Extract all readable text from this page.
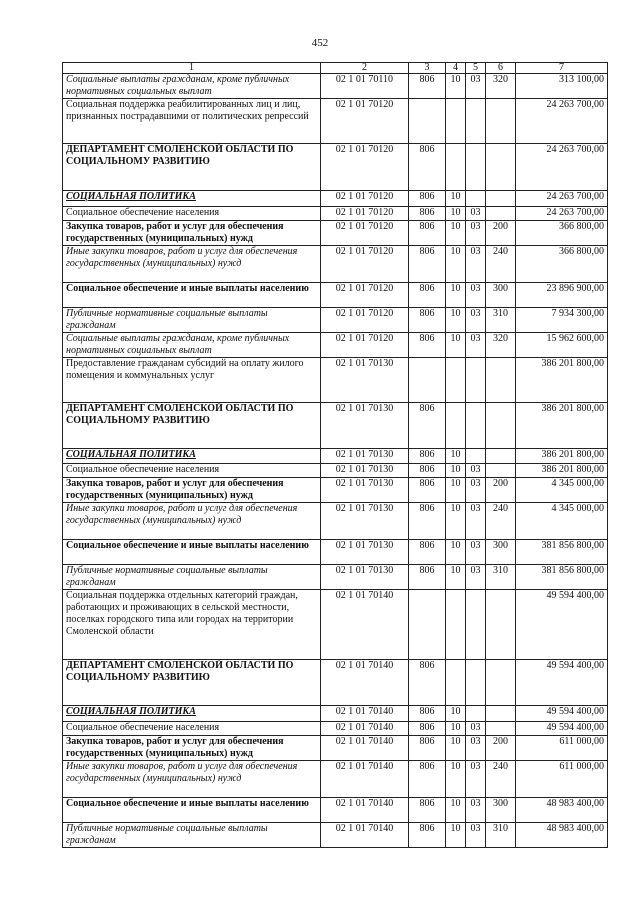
452
1	2	3	4	5	6	7
Социальные выплаты гражданам, кроме публичных нормативных социальных выплат	02 1 01 70110	806	10	03	320	313 100,00
Социальная поддержка реабилитированных лиц и лиц, признанных пострадавшими от политических репрессий	02 1 01 70120					24 263 700,00
ДЕПАРТАМЕНТ СМОЛЕНСКОЙ ОБЛАСТИ ПО СОЦИАЛЬНОМУ РАЗВИТИЮ	02 1 01 70120	806				24 263 700,00
СОЦИАЛЬНАЯ ПОЛИТИКА	02 1 01 70120	806	10			24 263 700,00
Социальное обеспечение населения	02 1 01 70120	806	10	03		24 263 700,00
Закупка товаров, работ и услуг для обеспечения государственных (муниципальных) нужд	02 1 01 70120	806	10	03	200	366 800,00
Иные закупки товаров, работ и услуг для обеспечения государственных (муниципальных) нужд	02 1 01 70120	806	10	03	240	366 800,00
Социальное обеспечение и иные выплаты населению	02 1 01 70120	806	10	03	300	23 896 900,00
Публичные нормативные социальные выплаты гражданам	02 1 01 70120	806	10	03	310	7 934 300,00
Социальные выплаты гражданам, кроме публичных нормативных социальных выплат	02 1 01 70120	806	10	03	320	15 962 600,00
Предоставление гражданам субсидий на оплату жилого помещения и коммунальных услуг	02 1 01 70130					386 201 800,00
ДЕПАРТАМЕНТ СМОЛЕНСКОЙ ОБЛАСТИ ПО СОЦИАЛЬНОМУ РАЗВИТИЮ	02 1 01 70130	806				386 201 800,00
СОЦИАЛЬНАЯ ПОЛИТИКА	02 1 01 70130	806	10			386 201 800,00
Социальное обеспечение населения	02 1 01 70130	806	10	03		386 201 800,00
Закупка товаров, работ и услуг для обеспечения государственных (муниципальных) нужд	02 1 01 70130	806	10	03	200	4 345 000,00
Иные закупки товаров, работ и услуг для обеспечения государственных (муниципальных) нужд	02 1 01 70130	806	10	03	240	4 345 000,00
Социальное обеспечение и иные выплаты населению	02 1 01 70130	806	10	03	300	381 856 800,00
Публичные нормативные социальные выплаты гражданам	02 1 01 70130	806	10	03	310	381 856 800,00
Социальная поддержка отдельных категорий граждан, работающих и проживающих в сельской местности, поселках городского типа или городах на территории Смоленской области	02 1 01 70140					49 594 400,00
ДЕПАРТАМЕНТ СМОЛЕНСКОЙ ОБЛАСТИ ПО СОЦИАЛЬНОМУ РАЗВИТИЮ	02 1 01 70140	806				49 594 400,00
СОЦИАЛЬНАЯ ПОЛИТИКА	02 1 01 70140	806	10			49 594 400,00
Социальное обеспечение населения	02 1 01 70140	806	10	03		49 594 400,00
Закупка товаров, работ и услуг для обеспечения государственных (муниципальных) нужд	02 1 01 70140	806	10	03	200	611 000,00
Иные закупки товаров, работ и услуг для обеспечения государственных (муниципальных) нужд	02 1 01 70140	806	10	03	240	611 000,00
Социальное обеспечение и иные выплаты населению	02 1 01 70140	806	10	03	300	48 983 400,00
Публичные нормативные социальные выплаты гражданам	02 1 01 70140	806	10	03	310	48 983 400,00
